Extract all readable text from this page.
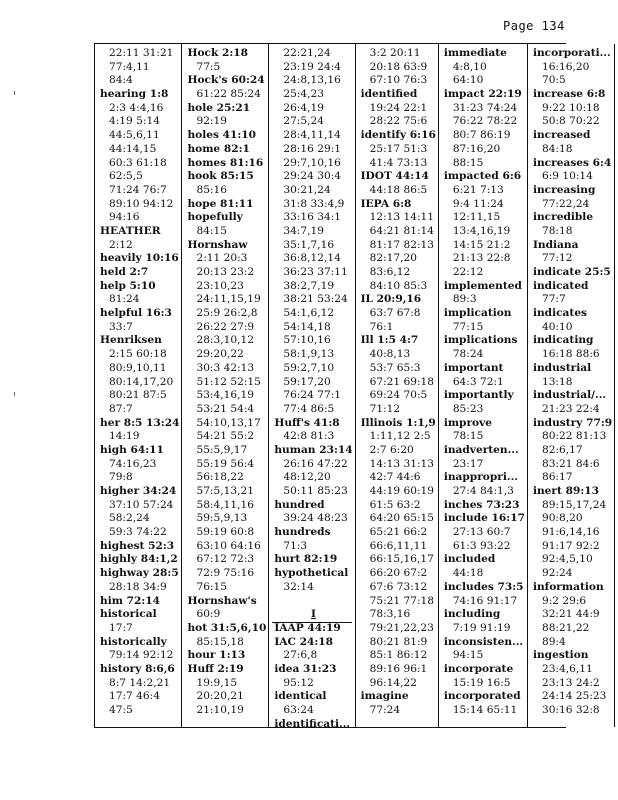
Page 134
22:11 31:21
77:4,11
84:4
hearing 1:8
2:3 4:4,16
4:19 5:14
44:5,6,11
44:14,15
60:3 61:18
62:5,5
71:24 76:7
89:10 94:12
94:16
HEATHER
2:12
heavily 10:16
held 2:7
help 5:10
81:24
helpful 16:3
33:7
Henriksen
2:15 60:18
80:9,10,11
80:14,17,20
80:21 87:5
87:7
her 8:5 13:24
14:19
high 64:11
74:16,23
79:8
higher 34:24
37:10 57:24
58:2,24
59:3 74:22
highest 52:3
highly 84:1,2
highway 28:5
28:18 34:9
him 72:14
historical
17:7
historically
79:14 92:12
history 8:6,6
8:7 14:2,21
17:7 46:4
47:5
Hock 2:18
77:5
Hock's 60:24
61:22 85:24
hole 25:21
92:19
holes 41:10
home 82:1
homes 81:16
hook 85:15
85:16
hope 81:11
hopefully
84:15
Hornshaw
2:11 20:3
20:13 23:2
23:10,23
24:11,15,19
25:9 26:2,8
26:22 27:9
28:3,10,12
29:20,22
30:3 42:13
51:12 52:15
53:4,16,19
53:21 54:4
54:10,13,17
54:21 55:2
55:5,9,17
55:19 56:4
56:18,22
57:5,13,21
58:4,11,16
59:5,9,13
59:19 60:8
63:10 64:16
67:12 72:3
72:9 75:16
76:15
Hornshaw's
60:9
hot 31:5,6,10
85:15,18
hour 1:13
Huff 2:19
19:9,15
20:20,21
21:10,19
22:21,24
23:19 24:4
24:8,13,16
25:4,23
26:4,19
27:5,24
28:4,11,14
28:16 29:1
29:7,10,16
29:24 30:4
30:21,24
31:8 33:4,9
33:16 34:1
34:7,19
35:1,7,16
36:8,12,14
36:23 37:11
38:2,7,19
38:21 53:24
54:1,6,12
54:14,18
57:10,16
58:1,9,13
59:2,7,10
59:17,20
76:24 77:1
77:4 86:5
Huff's 41:8
42:8 81:3
human 23:14
26:16 47:22
48:12,20
50:11 85:23
hundred
39:24 48:23
hundreds
71:3
hurt 82:19
hypothetical
32:14
I
IAAP 44:19
IAC 24:18
27:6,8
idea 31:23
95:12
identical
63:24
identificati...
3:2 20:11
20:18 63:9
67:10 76:3
identified
19:24 22:1
28:22 75:6
identify 6:16
25:17 51:3
41:4 73:13
IDOT 44:14
44:18 86:5
IEPA 6:8
12:13 14:11
64:21 81:14
81:17 82:13
82:17,20
83:6,12
84:10 85:3
IL 20:9,16
63:7 67:8
76:1
Ill 1:5 4:7
40:8,13
53:7 65:3
67:21 69:18
69:24 70:5
71:12
Illinois 1:1,9
1:11,12 2:5
2:7 6:20
14:13 31:13
42:7 44:6
44:19 60:19
61:5 63:2
64:20 65:15
65:21 66:2
66:6,11,11
66:15,16,17
66:20 67:2
67:6 73:12
75:21 77:18
78:3,16
79:21,22,23
80:21 81:9
85:1 86:12
89:16 96:1
96:14,22
imagine
77:24
immediate
4:8,10
64:10
impact 22:19
31:23 74:24
76:22 78:22
80:7 86:19
87:16,20
88:15
impacted 6:6
6:21 7:13
9:4 11:24
12:11,15
13:4,16,19
14:15 21:2
21:13 22:8
22:12
implemented
89:3
implication
77:15
implications
78:24
important
64:3 72:1
importantly
85:23
improve
78:15
inadverten...
23:17
inappropri...
27:4 84:1,3
inches 73:23
include 16:17
27:13 60:7
61:3 93:22
included
44:18
includes 73:5
74:16 91:17
including
7:19 91:19
inconsisten...
94:15
incorporate
15:19 16:5
incorporated
15:14 65:11
incorporati...
16:16,20
70:5
increase 6:8
9:22 10:18
50:8 70:22
increased
84:18
increases 6:4
6:9 10:14
increasing
77:22,24
incredible
78:18
Indiana
77:12
indicate 25:5
indicated
77:7
indicates
40:10
indicating
16:18 88:6
industrial
13:18
industrial/...
21:23 22:4
industry 77:9
80:22 81:13
82:6,17
83:21 84:6
86:17
inert 89:13
89:15,17,24
90:8,20
91:6,14,16
91:17 92:2
92:4,5,10
92:24
information
9:2 29:6
32:21 44:9
88:21,22
89:4
ingestion
23:4,6,11
23:13 24:2
24:14 25:23
30:16 32:8
